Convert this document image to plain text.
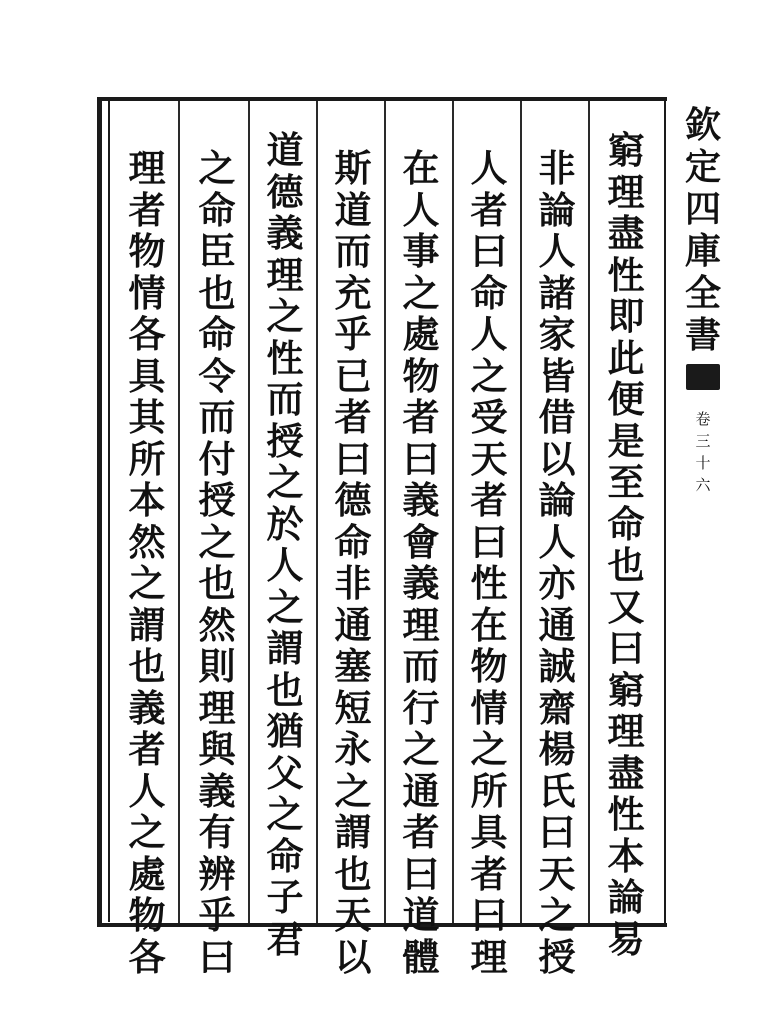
窮
理
盡
性
即
此
便
是
至
命
也
又
曰
窮
理
盡
性
本
論
易
非
論
人
諸
家
皆
借
以
論
人
亦
通
誠
齋
楊
氏
曰
天
之
授
人
者
曰
命
人
之
受
天
者
曰
性
在
物
情
之
所
具
者
曰
理
在
人
事
之
處
物
者
曰
義
會
義
理
而
行
之
通
者
曰
道
體
斯
道
而
充
乎
已
者
曰
德
命
非
通
塞
短
永
之
謂
也
天
以
道
德
義
理
之
性
而
授
之
於
人
之
謂
也
猶
父
之
命
子
君
之
命
臣
也
命
令
而
付
授
之
也
然
則
理
與
義
有
辨
乎
曰
理
者
物
情
各
具
其
所
本
然
之
謂
也
義
者
人
之
處
物
各
欽
定
四
庫
全
書
卷
三
十
六
